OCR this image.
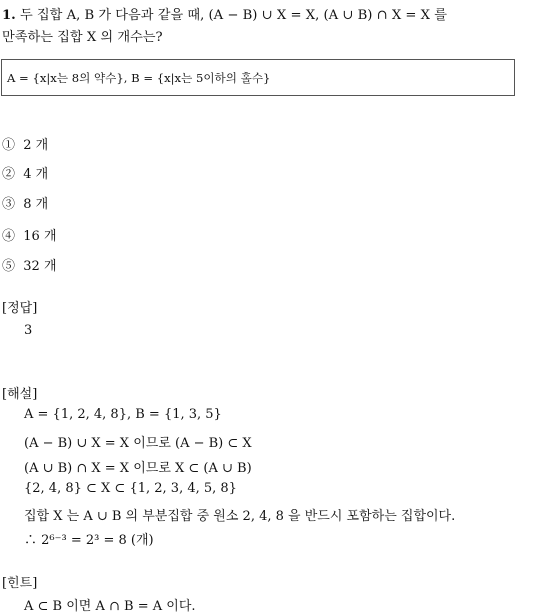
1. 두 집합 A, B 가 다음과 같을 때, (A − B) ∪ X = X, (A ∪ B) ∩ X = X 를
만족하는 집합 X 의 개수는?
A = {x|x는 8의 약수}, B = {x|x는 5이하의 홀수}
① 2 개
② 4 개
③ 8 개
④ 16 개
⑤ 32 개
[정답]
3
[해설]
A = {1, 2, 4, 8}, B = {1, 3, 5}
(A − B) ∪ X = X 이므로 (A − B) ⊂ X
(A ∪ B) ∩ X = X 이므로 X ⊂ (A ∪ B)
{2, 4, 8} ⊂ X ⊂ {1, 2, 3, 4, 5, 8}
집합 X 는 A ∪ B 의 부분집합 중 원소 2, 4, 8 을 반드시 포함하는 집합이다.
∴ 2⁶⁻³ = 2³ = 8 (개)
[힌트]
A ⊂ B 이면 A ∩ B = A 이다.
